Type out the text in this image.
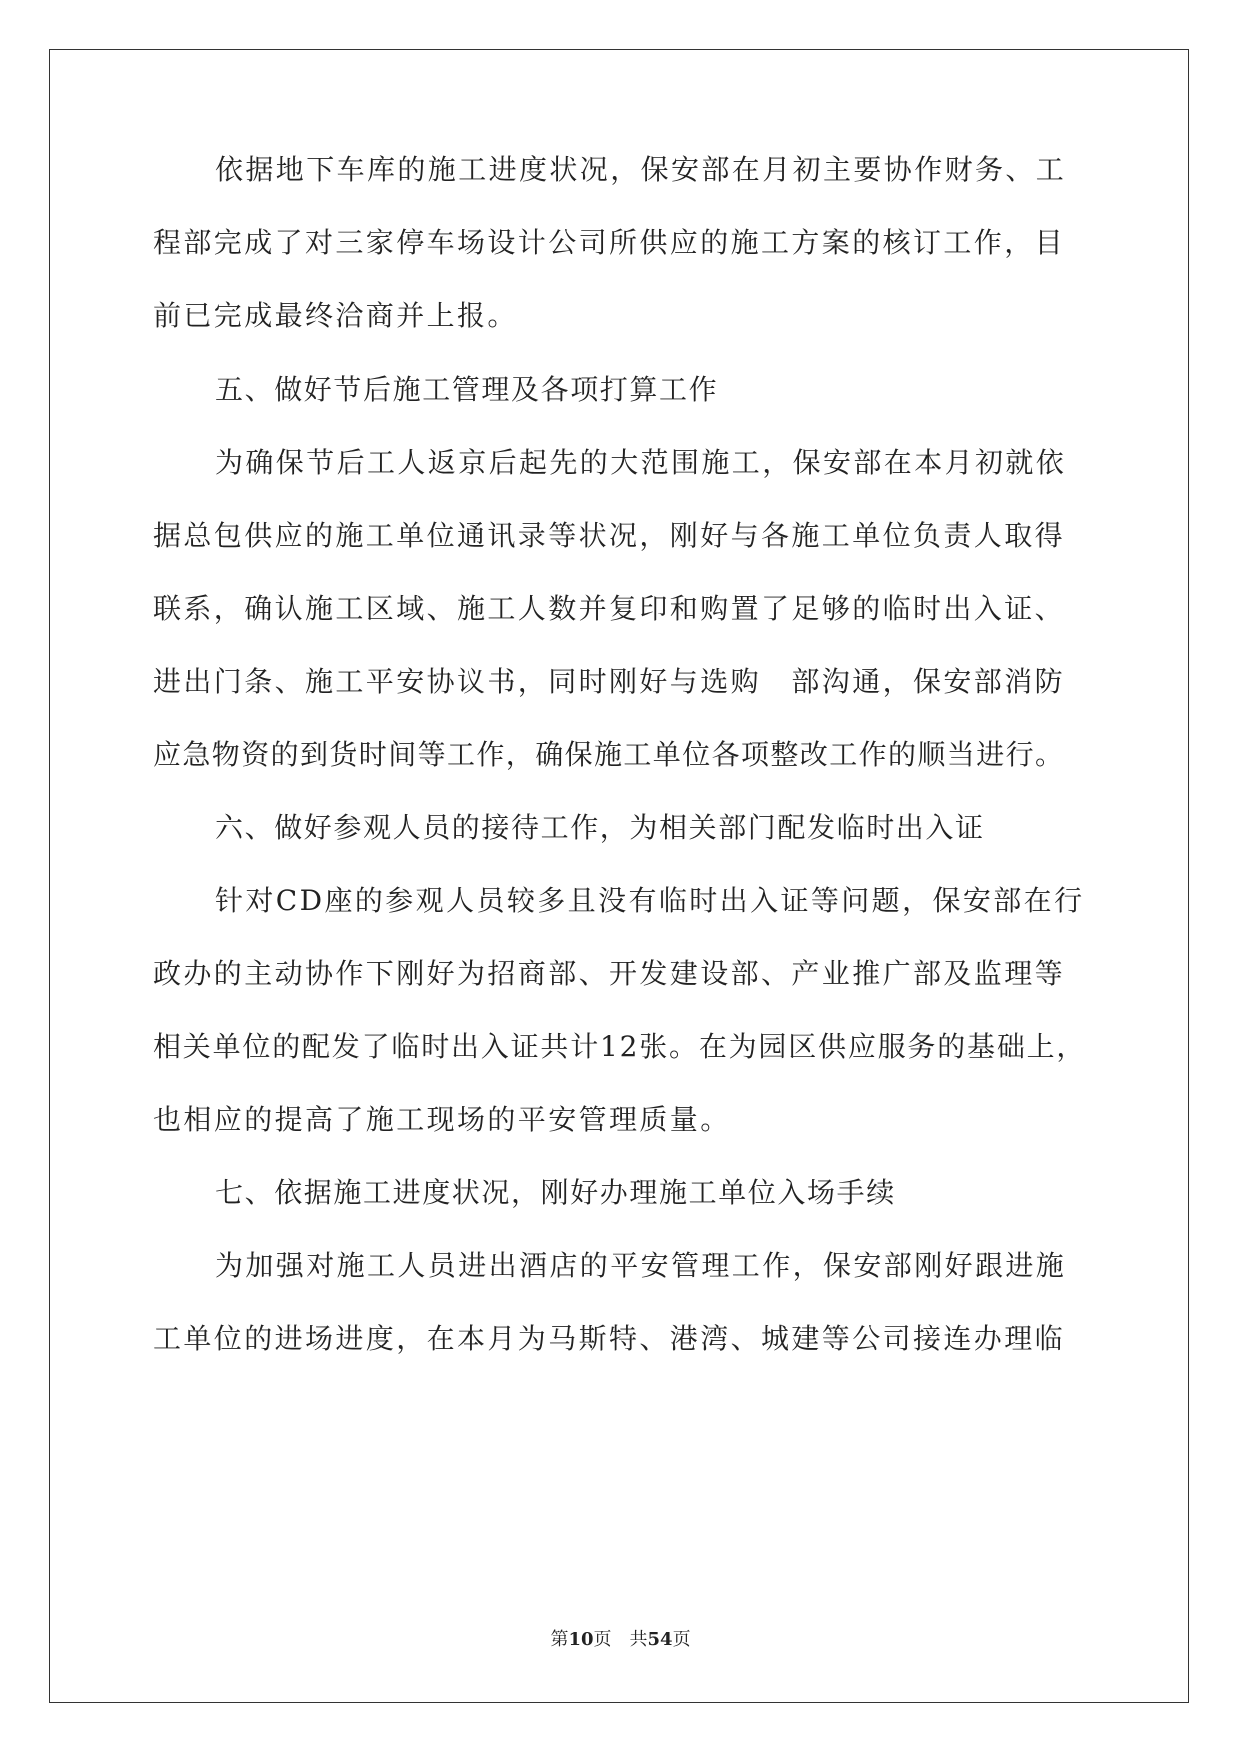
依据地下车库的施工进度状况，保安部在月初主要协作财务、工
程部完成了对三家停车场设计公司所供应的施工方案的核订工作，目
前已完成最终洽商并上报。
五、做好节后施工管理及各项打算工作
为确保节后工人返京后起先的大范围施工，保安部在本月初就依
据总包供应的施工单位通讯录等状况，刚好与各施工单位负责人取得
联系，确认施工区域、施工人数并复印和购置了足够的临时出入证、
进出门条、施工平安协议书，同时刚好与选购　部沟通，保安部消防
应急物资的到货时间等工作，确保施工单位各项整改工作的顺当进行。
六、做好参观人员的接待工作，为相关部门配发临时出入证
针对CD座的参观人员较多且没有临时出入证等问题，保安部在行
政办的主动协作下刚好为招商部、开发建设部、产业推广部及监理等
相关单位的配发了临时出入证共计12张。在为园区供应服务的基础上，
也相应的提高了施工现场的平安管理质量。
七、依据施工进度状况，刚好办理施工单位入场手续
为加强对施工人员进出酒店的平安管理工作，保安部刚好跟进施
工单位的进场进度，在本月为马斯特、港湾、城建等公司接连办理临
第10页　共54页
